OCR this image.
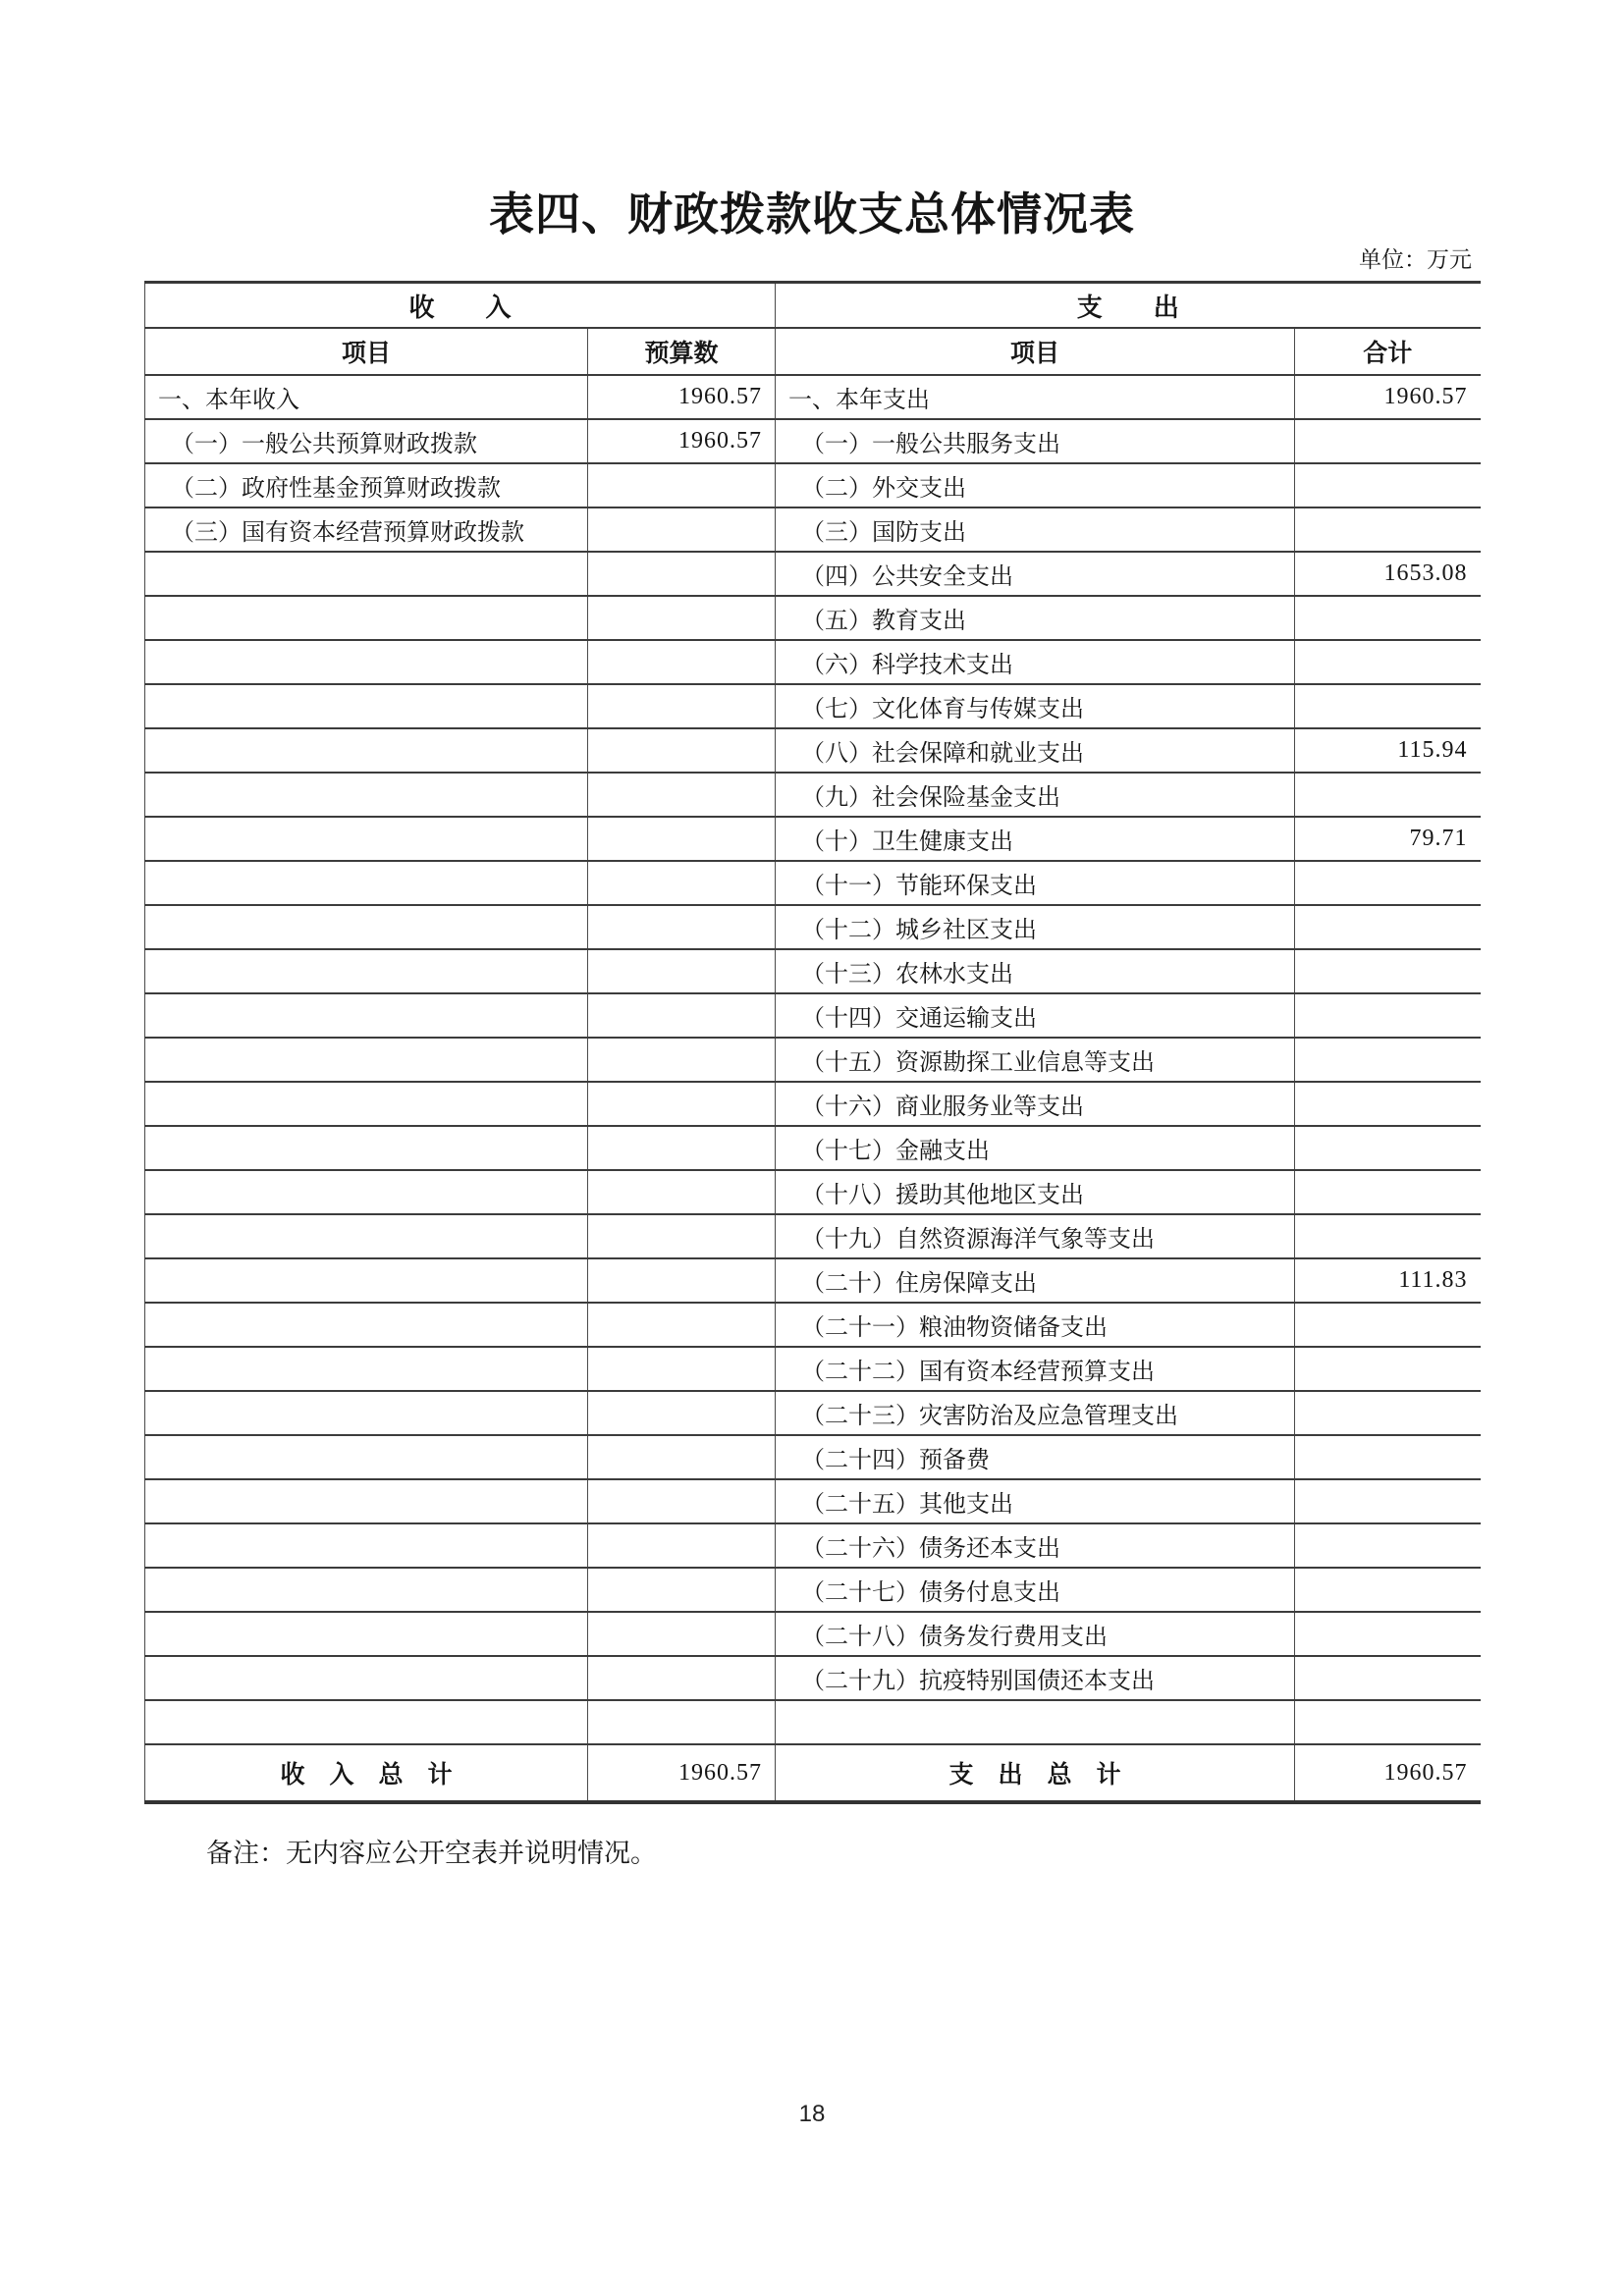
表四、财政拨款收支总体情况表
单位：万元
收　　入		支　　出	
项目	预算数	项目	合计
一、本年收入	1960.57	一、本年支出	1960.57
（一）一般公共预算财政拨款	1960.57	（一）一般公共服务支出	
（二）政府性基金预算财政拨款		（二）外交支出	
（三）国有资本经营预算财政拨款		（三）国防支出	
		（四）公共安全支出	1653.08
		（五）教育支出	
		（六）科学技术支出	
		（七）文化体育与传媒支出	
		（八）社会保障和就业支出	115.94
		（九）社会保险基金支出	
		（十）卫生健康支出	79.71
		（十一）节能环保支出	
		（十二）城乡社区支出	
		（十三）农林水支出	
		（十四）交通运输支出	
		（十五）资源勘探工业信息等支出	
		（十六）商业服务业等支出	
		（十七）金融支出	
		（十八）援助其他地区支出	
		（十九）自然资源海洋气象等支出	
		（二十）住房保障支出	111.83
		（二十一）粮油物资储备支出	
		（二十二）国有资本经营预算支出	
		（二十三）灾害防治及应急管理支出	
		（二十四）预备费	
		（二十五）其他支出	
		（二十六）债务还本支出	
		（二十七）债务付息支出	
		（二十八）债务发行费用支出	
		（二十九）抗疫特别国债还本支出	

收　入　总　计	1960.57	支　出　总　计	1960.57
备注：无内容应公开空表并说明情况。
18
